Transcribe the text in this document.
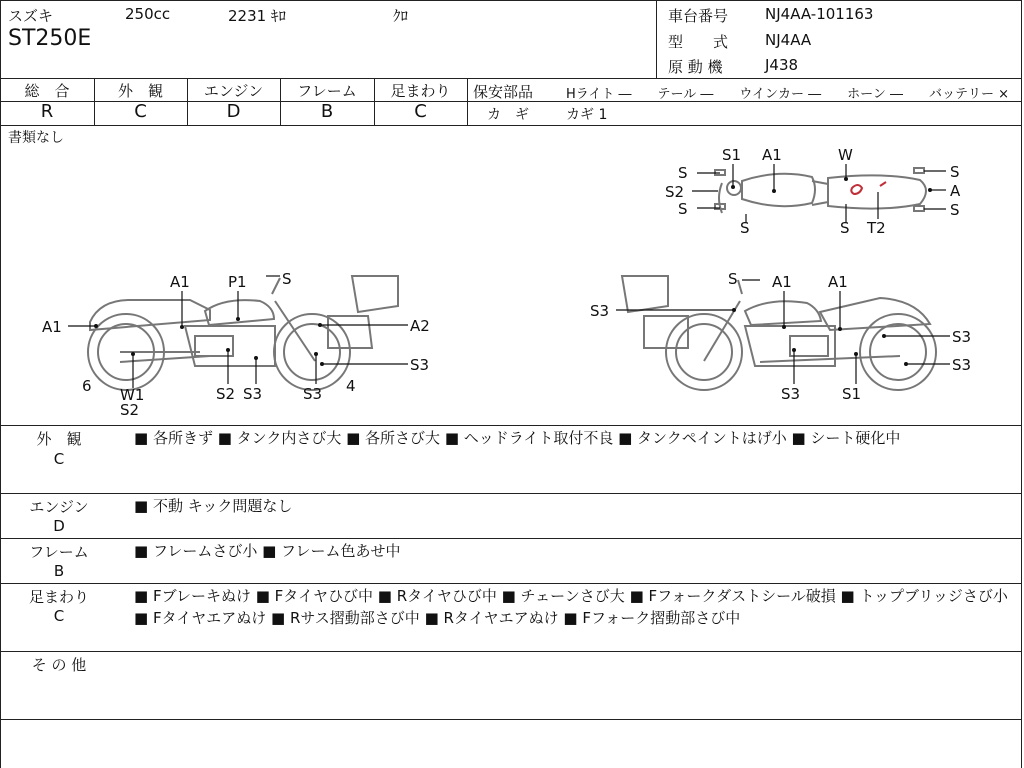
スズキ	250cc	2231 ｷﾛ	ｸﾛ
ST250E
車台番号 NJ4AA-101163
型　　式 NJ4AA
原 動 機	J438
総　合	外　観	エンジン	フレーム	足まわり
R	C	D	B	C
保安部品	Hライト ―　　テール ―　　ウインカー ―　　ホーン ―　　バッテリー ×
カ　ギ	カギ 1
書類なし
S1 A1	W
S
S2
S
S
A
S
S	S T2
A1	P1 S
A1	A2
S3
6 W1
S2
S2 S3	S3 4
S A1 A1
S3
S3
S3
S3	S1
外　観
C
■ 各所きず ■ タンク内さび大 ■ 各所さび大 ■ ヘッドライト取付不良 ■ タンクペイントはげ小 ■ シート硬化中
エンジン
D
■ 不動 キック問題なし
フレーム
B
■ フレームさび小 ■ フレーム色あせ中
足まわり
C
■ Fブレーキぬけ ■ Fタイヤひび中 ■ Rタイヤひび中 ■ チェーンさび大 ■ Fフォークダストシール破損 ■ トップブリッジさび小 ■ Fタイヤエアぬけ ■ Rサス摺動部さび中 ■ Rタイヤエアぬけ ■ Fフォーク摺動部さび中
そ の 他
